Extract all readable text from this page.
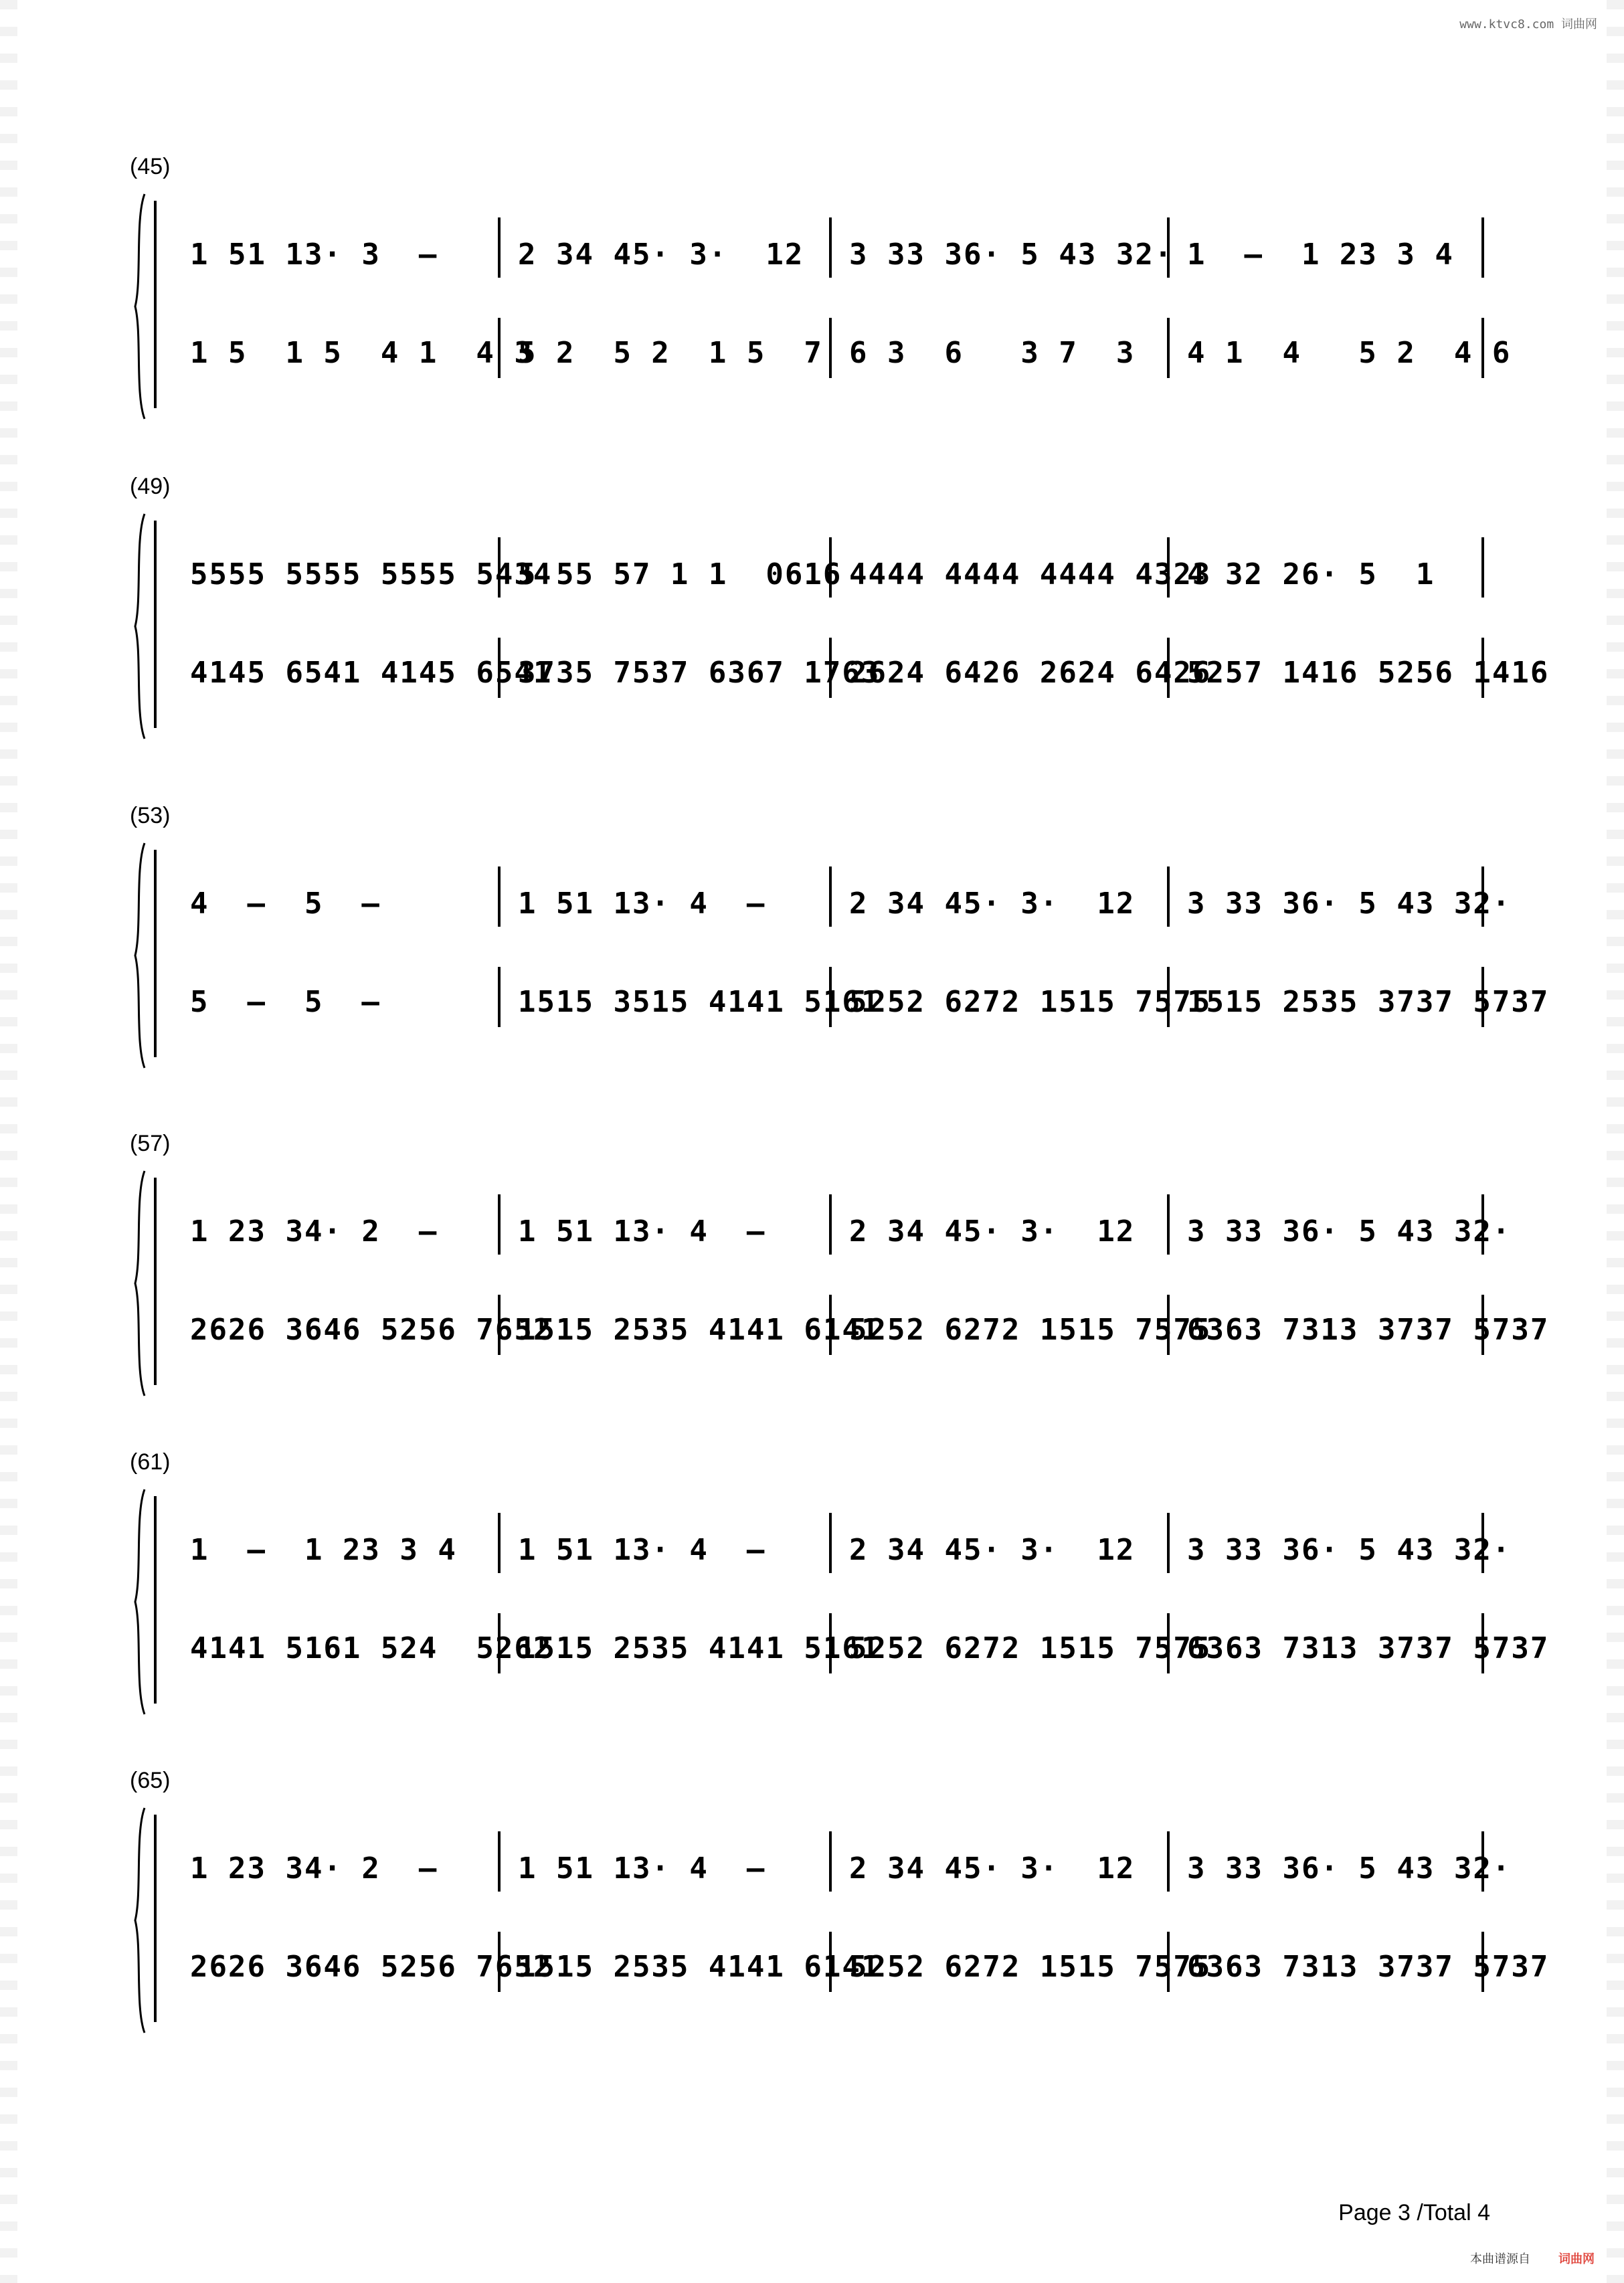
www.ktvc8.com 词曲网
(45)
1 51 13· 3  –	2 34 45· 3·  12 3 33 36· 5 43 32· 1  –  1 23 3 4
1 5  1 5  4 1  4 3
5 2  5 2  1 5  7 6 3  6   3 7  3 4 1  4   5 2  4 6
(49)
5555 5555 5555 5434
5 55 57 1 1  0616 4444 4444 4444 4323
4 32 26· 5  1
4145 6541 4145 6541
3735 7537 6367 1763
2624 6426 2624 6426
5257 1416 5256 1416
(53)
4  –  5  –	1 51 13· 4  –	2 34 45· 3·  12 3 33 36· 5 43 32·
5  –  5  –	1515 3515 4141 5161
5252 6272 1515 7575
1515 2535 3737 5737
(57)
1 23 34· 2  –	1 51 13· 4  –	2 34 45· 3·  12 3 33 36· 5 43 32·
2626 3646 5256 7652
1515 2535 4141 6141
5252 6272 1515 7575
6363 7313 3737 5737
(61)
1  –  1 23 3 4 1 51 13· 4  –	2 34 45· 3·  12 3 33 36· 5 43 32·
4141 5161 524  5262
1515 2535 4141 5161
5252 6272 1515 7575
6363 7313 3737 5737
(65)
1 23 34· 2  –	1 51 13· 4  –	2 34 45· 3·  12 3 33 36· 5 43 32·
2626 3646 5256 7652
1515 2535 4141 6141
5252 6272 1515 7575
6363 7313 3737 5737
Page 3 /Total 4
本曲谱源自 词曲网
